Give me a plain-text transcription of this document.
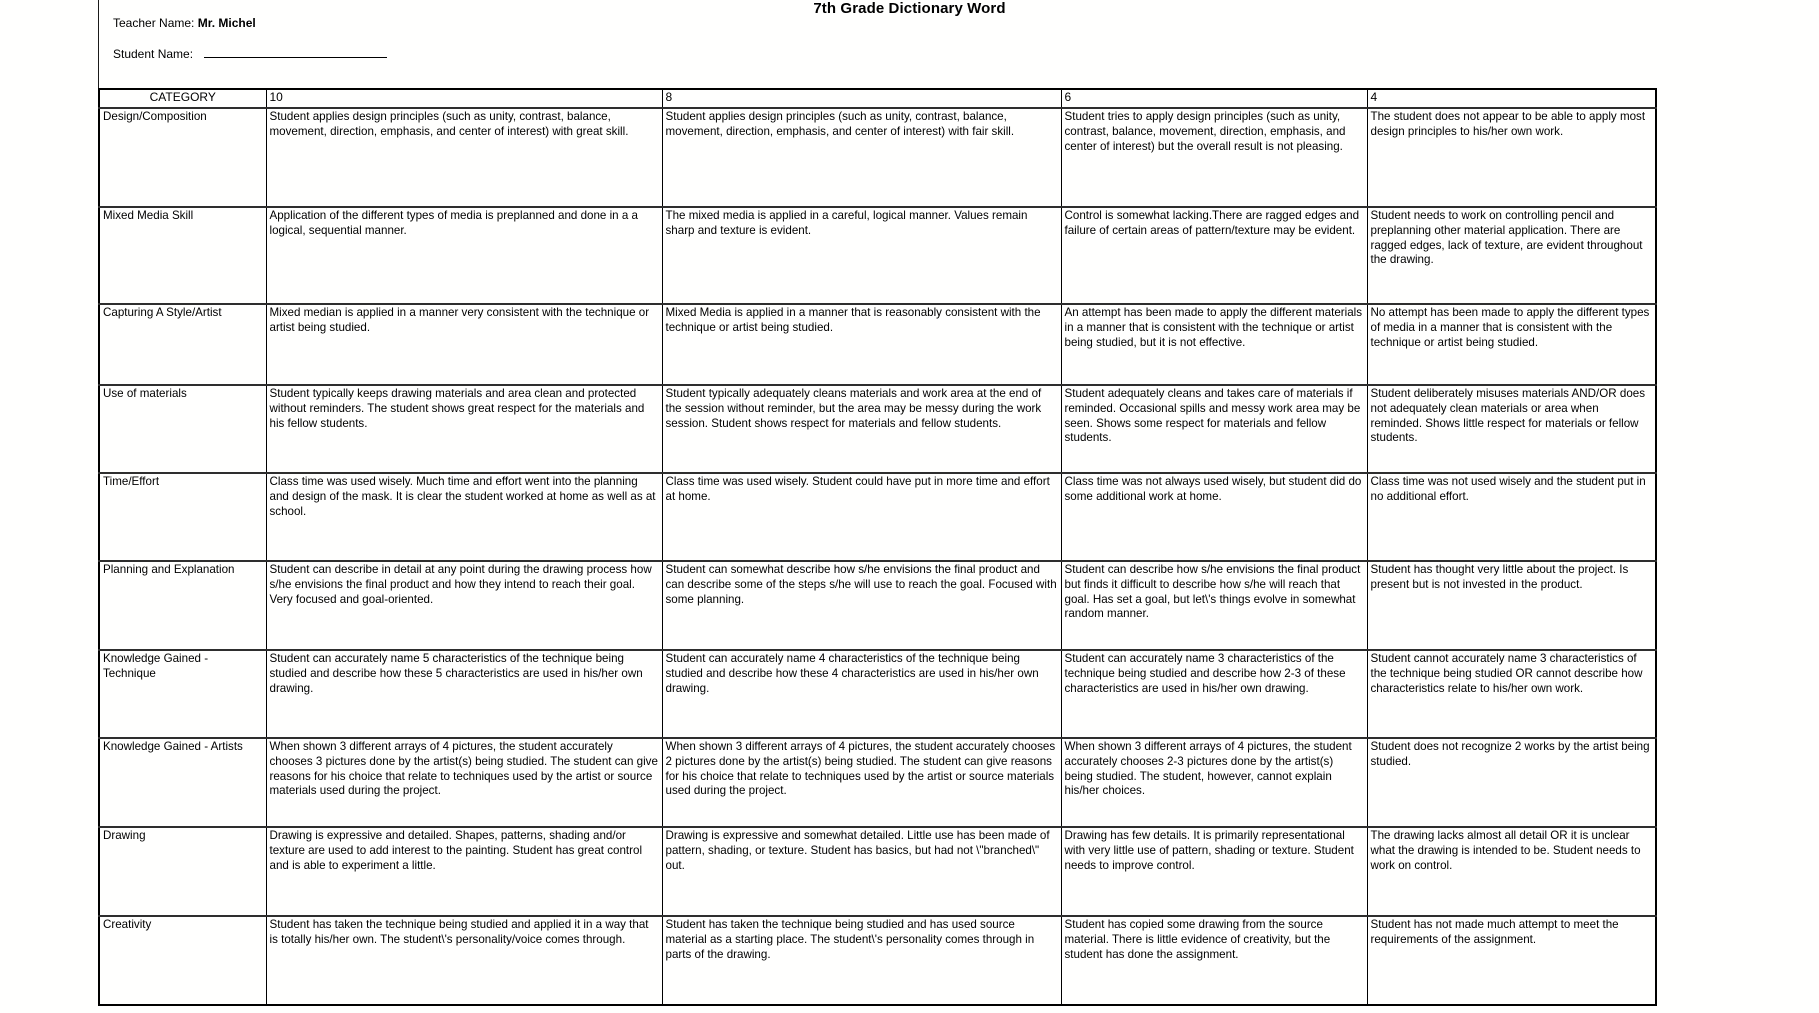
7th Grade Dictionary Word
Teacher Name: Mr. Michel
Student Name:
CATEGORY	10	8	6	4
Design/Composition	Student applies design principles (such as unity, contrast, balance, movement, direction, emphasis, and center of interest) with great skill.	Student applies design principles (such as unity, contrast, balance, movement, direction, emphasis, and center of interest) with fair skill.	Student tries to apply design principles (such as unity, contrast, balance, movement, direction, emphasis, and center of interest) but the overall result is not pleasing.	The student does not appear to be able to apply most design principles to his/her own work.
Mixed Media Skill	Application of the different types of media is preplanned and done in a a logical, sequential manner.	The mixed media is applied in a careful, logical manner. Values remain sharp and texture is evident.	Control is somewhat lacking.There are ragged edges and failure of certain areas of pattern/texture may be evident.	Student needs to work on controlling pencil and preplanning other material application. There are ragged edges, lack of texture, are evident throughout the drawing.
Capturing A Style/Artist	Mixed median is applied in a manner very consistent with the technique or artist being studied.	Mixed Media is applied in a manner that is reasonably consistent with the technique or artist being studied.	An attempt has been made to apply the different materials in a manner that is consistent with the technique or artist being studied, but it is not effective.	No attempt has been made to apply the different types of media in a manner that is consistent with the technique or artist being studied.
Use of materials	Student typically keeps drawing materials and area clean and protected without reminders. The student shows great respect for the materials and his fellow students.	Student typically adequately cleans materials and work area at the end of the session without reminder, but the area may be messy during the work session. Student shows respect for materials and fellow students.	Student adequately cleans and takes care of materials if reminded. Occasional spills and messy work area may be seen. Shows some respect for materials and fellow students.	Student deliberately misuses materials AND/OR does not adequately clean materials or area when reminded. Shows little respect for materials or fellow students.
Time/Effort	Class time was used wisely. Much time and effort went into the planning and design of the mask. It is clear the student worked at home as well as at school.	Class time was used wisely. Student could have put in more time and effort at home.	Class time was not always used wisely, but student did do some additional work at home.	Class time was not used wisely and the student put in no additional effort.
Planning and Explanation	Student can describe in detail at any point during the drawing process how s/he envisions the final product and how they intend to reach their goal. Very focused and goal-oriented.	Student can somewhat describe how s/he envisions the final product and can describe some of the steps s/he will use to reach the goal. Focused with some planning.	Student can describe how s/he envisions the final product but finds it difficult to describe how s/he will reach that goal. Has set a goal, but let\'s things evolve in somewhat random manner.	Student has thought very little about the project. Is present but is not invested in the product.
Knowledge Gained - Technique	Student can accurately name 5 characteristics of the technique being studied and describe how these 5 characteristics are used in his/her own drawing.	Student can accurately name 4 characteristics of the technique being studied and describe how these 4 characteristics are used in his/her own drawing.	Student can accurately name 3 characteristics of the technique being studied and describe how 2-3 of these characteristics are used in his/her own drawing.	Student cannot accurately name 3 characteristics of the technique being studied OR cannot describe how characteristics relate to his/her own work.
Knowledge Gained - Artists	When shown 3 different arrays of 4 pictures, the student accurately chooses 3 pictures done by the artist(s) being studied. The student can give reasons for his choice that relate to techniques used by the artist or source materials used during the project.	When shown 3 different arrays of 4 pictures, the student accurately chooses 2 pictures done by the artist(s) being studied. The student can give reasons for his choice that relate to techniques used by the artist or source materials used during the project.	When shown 3 different arrays of 4 pictures, the student accurately chooses 2-3 pictures done by the artist(s) being studied. The student, however, cannot explain his/her choices.	Student does not recognize 2 works by the artist being studied.
Drawing	Drawing is expressive and detailed. Shapes, patterns, shading and/or texture are used to add interest to the painting. Student has great control and is able to experiment a little.	Drawing is expressive and somewhat detailed. Little use has been made of pattern, shading, or texture. Student has basics, but had not \"branched\" out.	Drawing has few details. It is primarily representational with very little use of pattern, shading or texture. Student needs to improve control.	The drawing lacks almost all detail OR it is unclear what the drawing is intended to be. Student needs to work on control.
Creativity	Student has taken the technique being studied and applied it in a way that is totally his/her own. The student\'s personality/voice comes through.	Student has taken the technique being studied and has used source material as a starting place. The student\'s personality comes through in parts of the drawing.	Student has copied some drawing from the source material. There is little evidence of creativity, but the student has done the assignment.	Student has not made much attempt to meet the requirements of the assignment.
